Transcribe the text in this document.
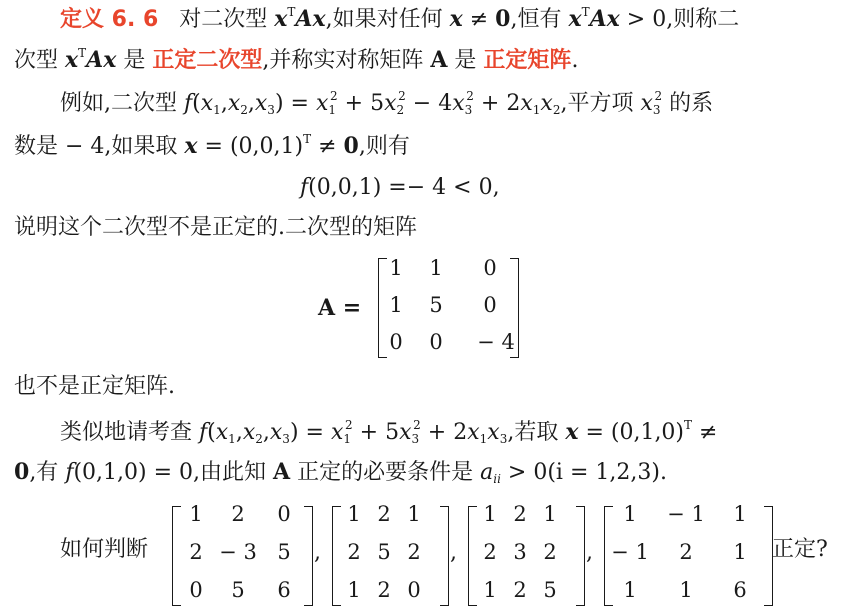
定义 6. 6 对二次型 $x^TAx$,如果对任何 x ≠ 0,恒有 $x^TAx > 0$,则称二
次型 $x^TAx$ 是 正定二次型,并称实对称矩阵 A 是 正定矩阵.
例如,二次型 $f(x_1,x_2,x_3) = x_1^2 + 5x_2^2 - 4x_3^2 + 2x_1x_2$,平方项 $x_3^2$ 的系
数是 − 4,如果取 $x = (0,0,1)^T \ne 0$,则有
f(0,0,1) =− 4 < 0,
说明这个二次型不是正定的.二次型的矩阵
A =
1	1	0
1	5	0
0	0	− 4
也不是正定矩阵.
类似地请考查 $f(x_1,x_2,x_3) = x_1^2 + 5x_3^2 + 2x_1x_3$,若取 $x = (0,1,0)^T$ ≠
0,有 f(0,1,0) = 0,由此知 A 正定的必要条件是 $a_{ii} > 0(i = 1,2,3)$.
如何判断
1	2	0
2 − 3 5
0	5	6
,
1 2 1
2 5 2
1 2 0
,
1 2 1
2 3 2
1 2 5
,
1	− 1	1
− 1	2	1
1	1	6
正定?
